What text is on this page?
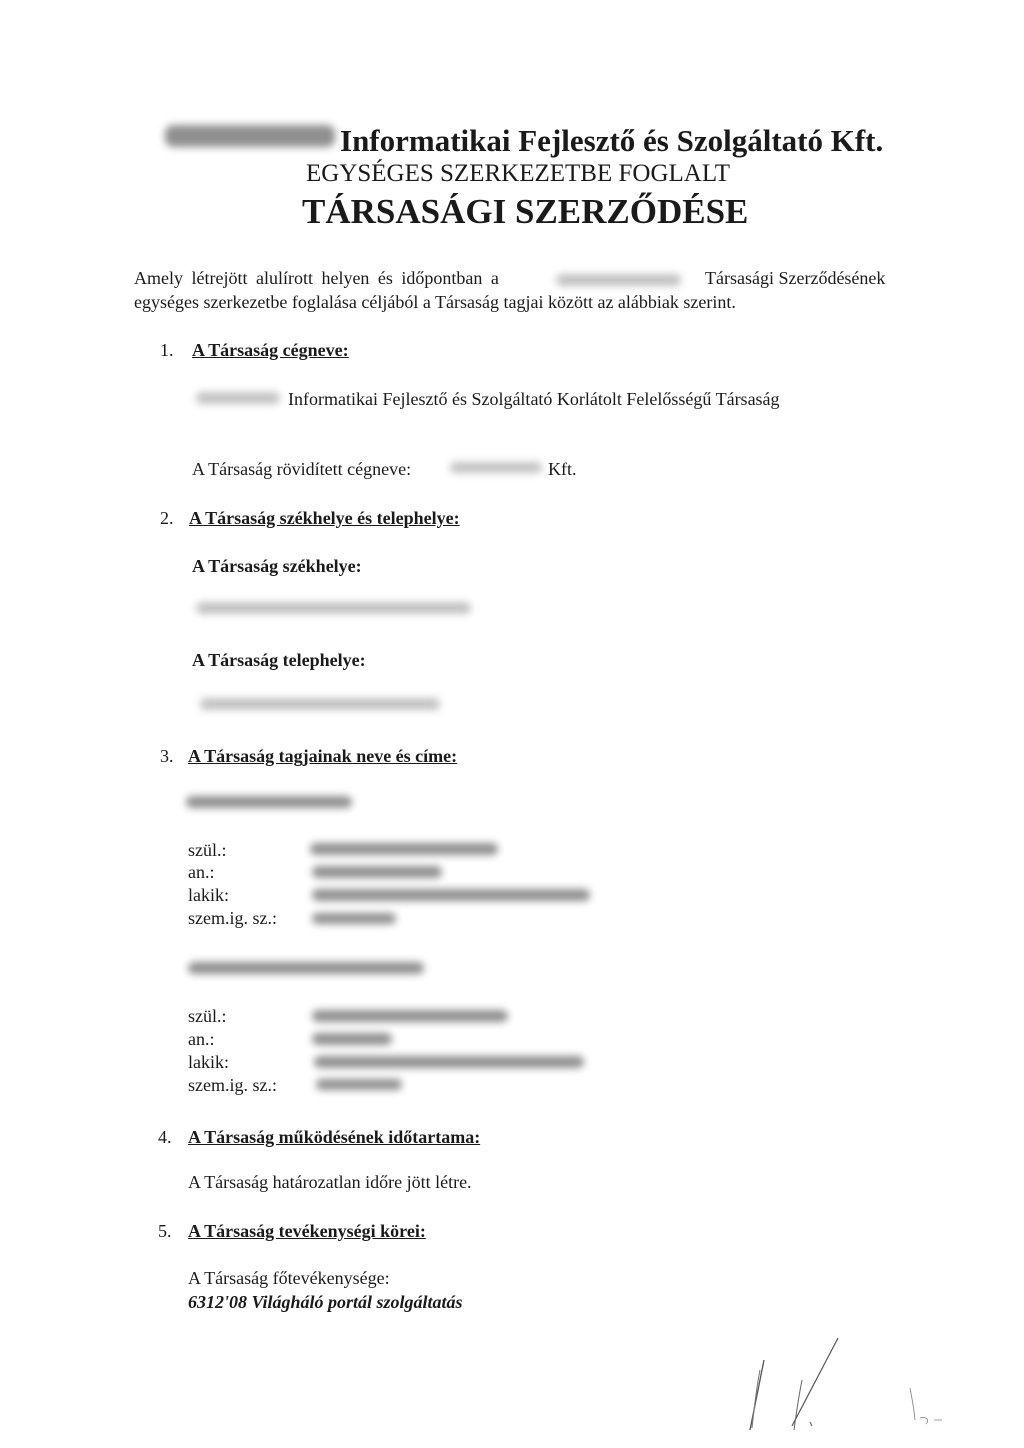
Informatikai Fejlesztő és Szolgáltató Kft.
EGYSÉGES SZERKEZETBE FOGLALT
TÁRSASÁGI SZERZŐDÉSE
Amely létrejött alulírott helyen és időpontban a	Társasági Szerződésének
egységes szerkezetbe foglalása céljából a Társaság tagjai között az alábbiak szerint.
1. A Társaság cégneve:
Informatikai Fejlesztő és Szolgáltató Korlátolt Felelősségű Társaság
A Társaság rövidített cégneve:	Kft.
2. A Társaság székhelye és telephelye:
A Társaság székhelye:
A Társaság telephelye:
3. A Társaság tagjainak neve és címe:
szül.:
an.:
lakik:
szem.ig. sz.:
szül.:
an.:
lakik:
szem.ig. sz.:
4. A Társaság működésének időtartama:
A Társaság határozatlan időre jött létre.
5. A Társaság tevékenységi körei:
A Társaság főtevékenysége:
6312'08 Világháló portál szolgáltatás
